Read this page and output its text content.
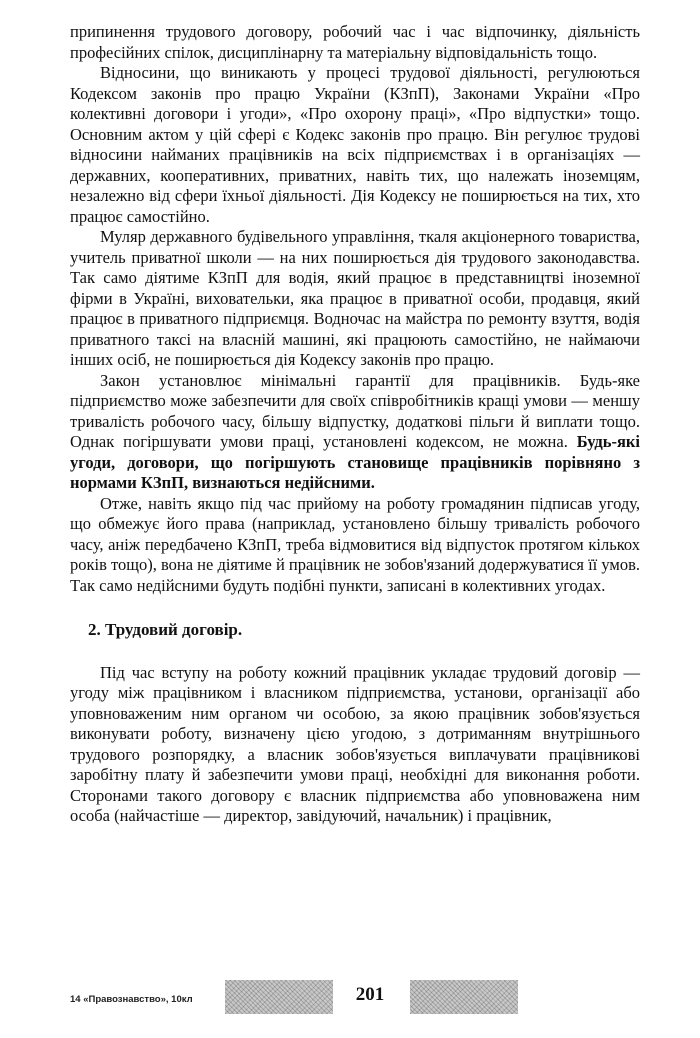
припинення трудового договору, робочий час і час відпочинку, діяльність професійних спілок, дисциплінарну та матеріальну відповідальність тощо.

Відносини, що виникають у процесі трудової діяльності, регулюються Кодексом законів про працю України (КЗпП), Законами України «Про колективні договори і угоди», «Про охорону праці», «Про відпустки» тощо. Основним актом у цій сфері є Кодекс законів про працю. Він регулює трудові відносини найманих працівників на всіх підприємствах і в організаціях — державних, кооперативних, приватних, навіть тих, що належать іноземцям, незалежно від сфери їхньої діяльності. Дія Кодексу не поширюється на тих, хто працює самостійно.

Муляр державного будівельного управління, ткаля акціонерного товариства, учитель приватної школи — на них поширюється дія трудового законодавства. Так само діятиме КЗпП для водія, який працює в представництві іноземної фірми в Україні, виховательки, яка працює в приватної особи, продавця, який працює в приватного підприємця. Водночас на майстра по ремонту взуття, водія приватного таксі на власній машині, які працюють самостійно, не наймаючи інших осіб, не поширюється дія Кодексу законів про працю.

Закон установлює мінімальні гарантії для працівників. Будь-яке підприємство може забезпечити для своїх співробітників кращі умови — меншу тривалість робочого часу, більшу відпустку, додаткові пільги й виплати тощо. Однак погіршувати умови праці, установлені кодексом, не можна. Будь-які угоди, договори, що погіршують становище працівників порівняно з нормами КЗпП, визнаються недійсними.

Отже, навіть якщо під час прийому на роботу громадянин підписав угоду, що обмежує його права (наприклад, установлено більшу тривалість робочого часу, аніж передбачено КЗпП, треба відмовитися від відпусток протягом кількох років тощо), вона не діятиме й працівник не зобов'язаний додержуватися її умов. Так само недійсними будуть подібні пункти, записані в колективних угодах.

2. Трудовий договір.

Під час вступу на роботу кожний працівник укладає трудовий договір — угоду між працівником і власником підприємства, установи, організації або уповноваженим ним органом чи особою, за якою працівник зобов'язується виконувати роботу, визначену цією угодою, з дотриманням внутрішнього трудового розпорядку, а власник зобов'язується виплачувати працівникові заробітну плату й забезпечити умови праці, необхідні для виконання роботи. Сторонами такого договору є власник підприємства або уповноважена ним особа (найчастіше — директор, завідуючий, начальник) і працівник,

14 «Правознавство», 10кл	201
